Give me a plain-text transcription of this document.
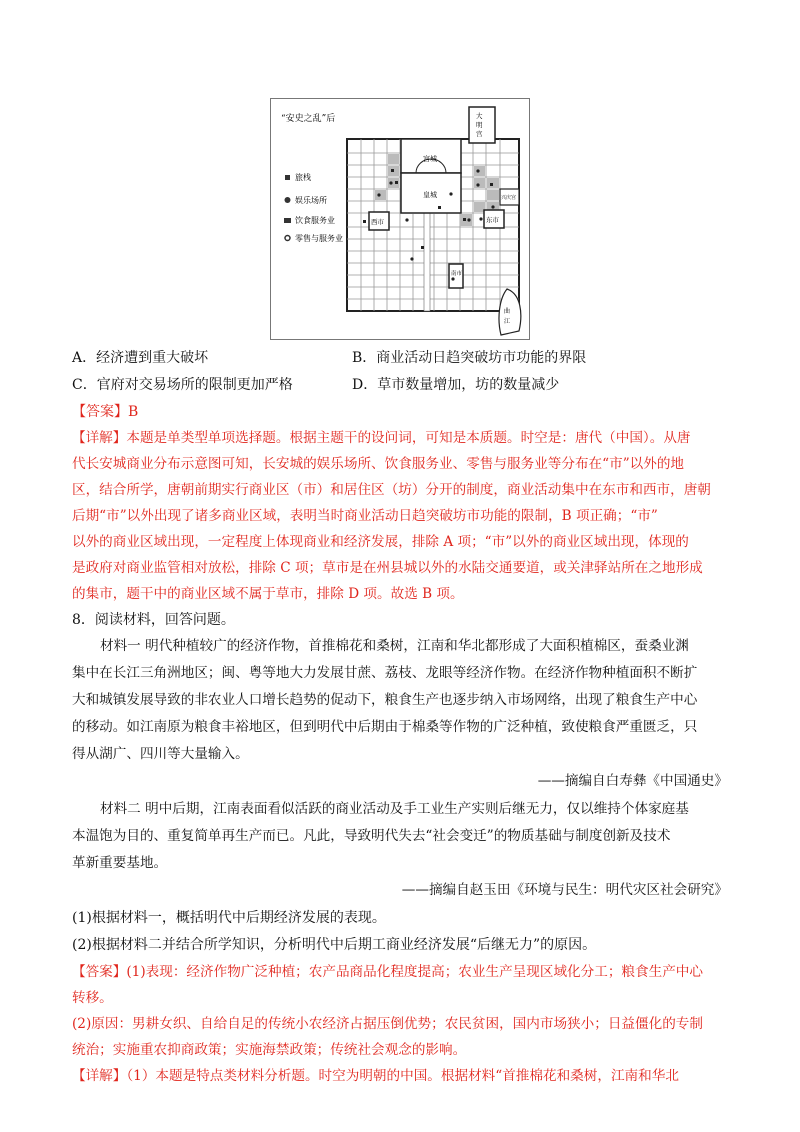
“安史之乱”后
旅栈
娱乐场所
饮食服务业
零售与服务业
宫城
皇城
大
明
宫
兴庆宫
西市	东市
南市
曲
江
A．经济遭到重大破坏	B．商业活动日趋突破坊市功能的界限
C．官府对交易场所的限制更加严格	D．草市数量增加，坊的数量减少
【答案】B
【详解】本题是单类型单项选择题。根据主题干的设问词，可知是本质题。时空是：唐代（中国）。从唐
代长安城商业分布示意图可知，长安城的娱乐场所、饮食服务业、零售与服务业等分布在“市”以外的地
区，结合所学，唐朝前期实行商业区（市）和居住区（坊）分开的制度，商业活动集中在东市和西市，唐朝
后期“市”以外出现了诸多商业区域，表明当时商业活动日趋突破坊市功能的限制，B 项正确；“市”
以外的商业区域出现，一定程度上体现商业和经济发展，排除 A 项；“市”以外的商业区域出现，体现的
是政府对商业监管相对放松，排除 C 项；草市是在州县城以外的水陆交通要道，或关津驿站所在之地形成
的集市，题干中的商业区域不属于草市，排除 D 项。故选 B 项。
8．阅读材料，回答问题。
材料一 明代种植较广的经济作物，首推棉花和桑树，江南和华北都形成了大面积植棉区，蚕桑业渊
集中在长江三角洲地区；闽、粤等地大力发展甘蔗、荔枝、龙眼等经济作物。在经济作物种植面积不断扩
大和城镇发展导致的非农业人口增长趋势的促动下，粮食生产也逐步纳入市场网络，出现了粮食生产中心
的移动。如江南原为粮食丰裕地区，但到明代中后期由于棉桑等作物的广泛种植，致使粮食严重匮乏，只
得从湖广、四川等大量输入。
——摘编自白寿彝《中国通史》
材料二 明中后期，江南表面看似活跃的商业活动及手工业生产实则后继无力，仅以维持个体家庭基
本温饱为目的、重复简单再生产而已。凡此，导致明代失去“社会变迁”的物质基础与制度创新及技术
革新重要基地。
——摘编自赵玉田《环境与民生：明代灾区社会研究》
(1)根据材料一，概括明代中后期经济发展的表现。
(2)根据材料二并结合所学知识，分析明代中后期工商业经济发展“后继无力”的原因。
【答案】(1)表现：经济作物广泛种植；农产品商品化程度提高；农业生产呈现区域化分工；粮食生产中心
转移。
(2)原因：男耕女织、自给自足的传统小农经济占据压倒优势；农民贫困，国内市场狭小；日益僵化的专制
统治；实施重农抑商政策；实施海禁政策；传统社会观念的影响。
【详解】（1）本题是特点类材料分析题。时空为明朝的中国。根据材料“首推棉花和桑树，江南和华北
